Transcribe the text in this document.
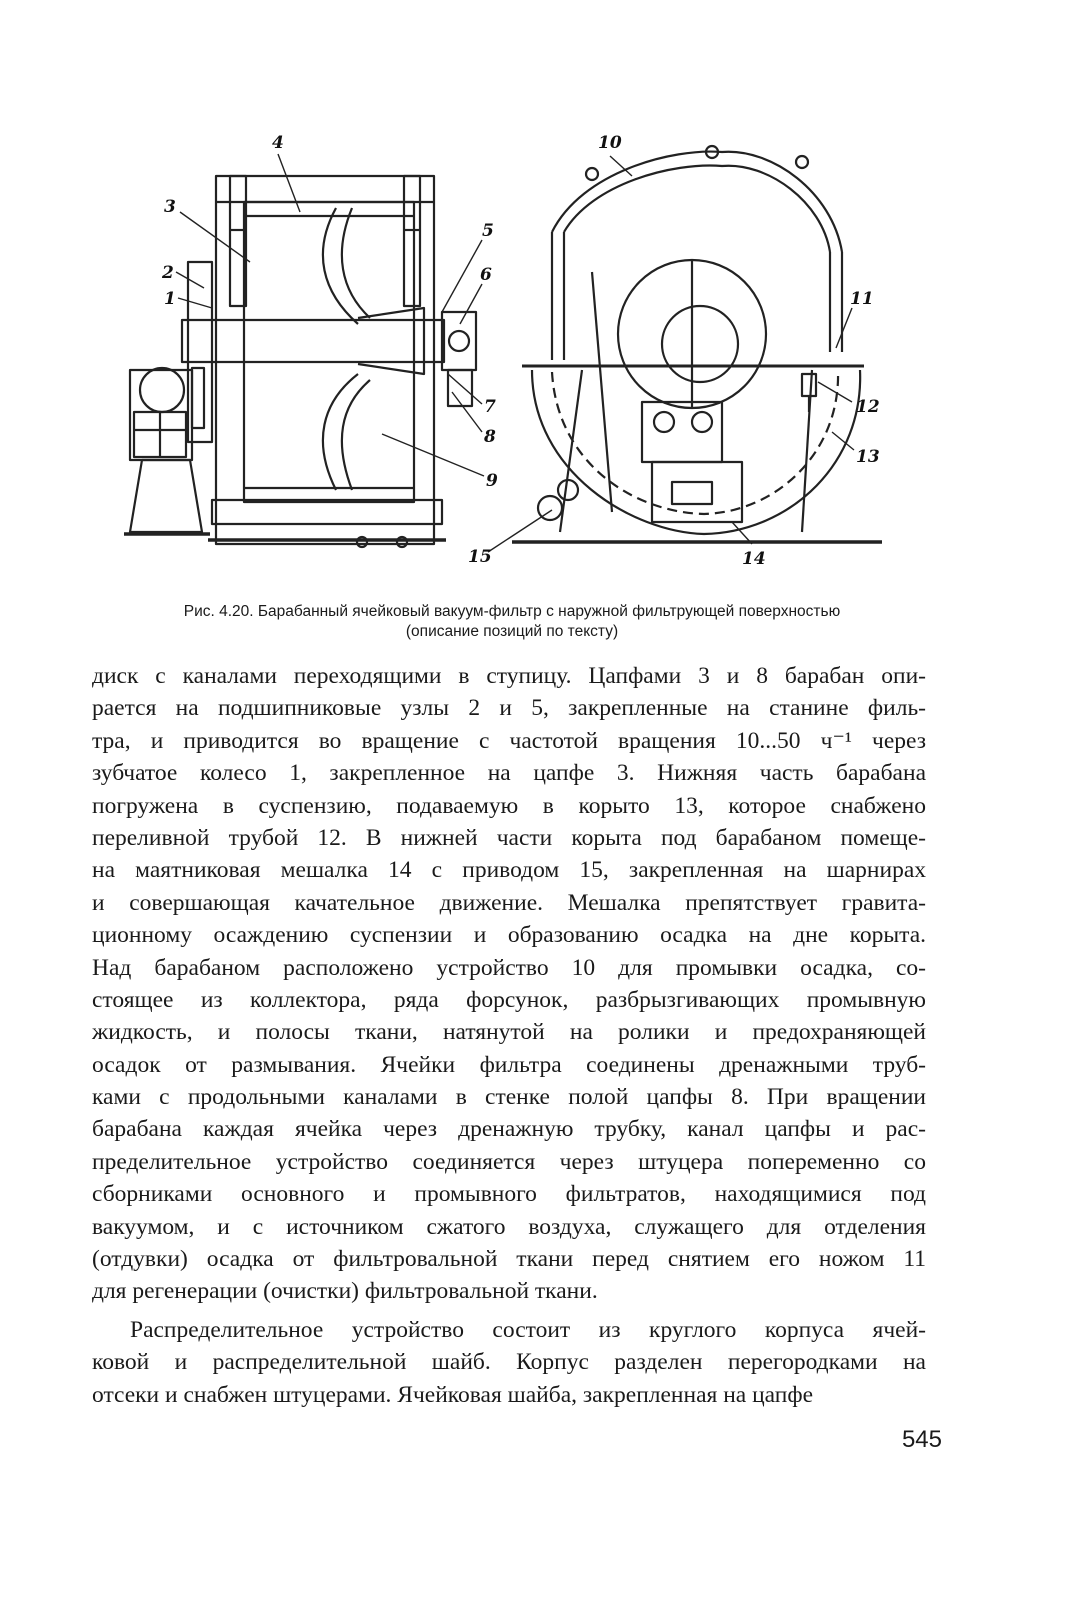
1
2
3
4
5
6
7
8
9
10
11
12
13
14
15
Рис. 4.20. Барабанный ячейковый вакуум-фильтр с наружной фильтрующей поверхностью
(описание позиций по тексту)
диск с каналами переходящими в ступицу. Цапфами 3 и 8 барабан опи-
рается на подшипниковые узлы 2 и 5, закрепленные на станине филь-
тра, и приводится во вращение с частотой вращения 10...50 ч⁻¹ через
зубчатое колесо 1, закрепленное на цапфе 3. Нижняя часть барабана
погружена в суспензию, подаваемую в корыто 13, которое снабжено
переливной трубой 12. В нижней части корыта под барабаном помеще-
на маятниковая мешалка 14 с приводом 15, закрепленная на шарнирах
и совершающая качательное движение. Мешалка препятствует гравита-
ционному осаждению суспензии и образованию осадка на дне корыта.
Над барабаном расположено устройство 10 для промывки осадка, со-
стоящее из коллектора, ряда форсунок, разбрызгивающих промывную
жидкость, и полосы ткани, натянутой на ролики и предохраняющей
осадок от размывания. Ячейки фильтра соединены дренажными труб-
ками с продольными каналами в стенке полой цапфы 8. При вращении
барабана каждая ячейка через дренажную трубку, канал цапфы и рас-
пределительное устройство соединяется через штуцера попеременно со
сборниками основного и промывного фильтратов, находящимися под
вакуумом, и с источником сжатого воздуха, служащего для отделения
(отдувки) осадка от фильтровальной ткани перед снятием его ножом 11
для регенерации (очистки) фильтровальной ткани.
Распределительное устройство состоит из круглого корпуса ячей-
ковой и распределительной шайб. Корпус разделен перегородками на
отсеки и снабжен штуцерами. Ячейковая шайба, закрепленная на цапфе
545
